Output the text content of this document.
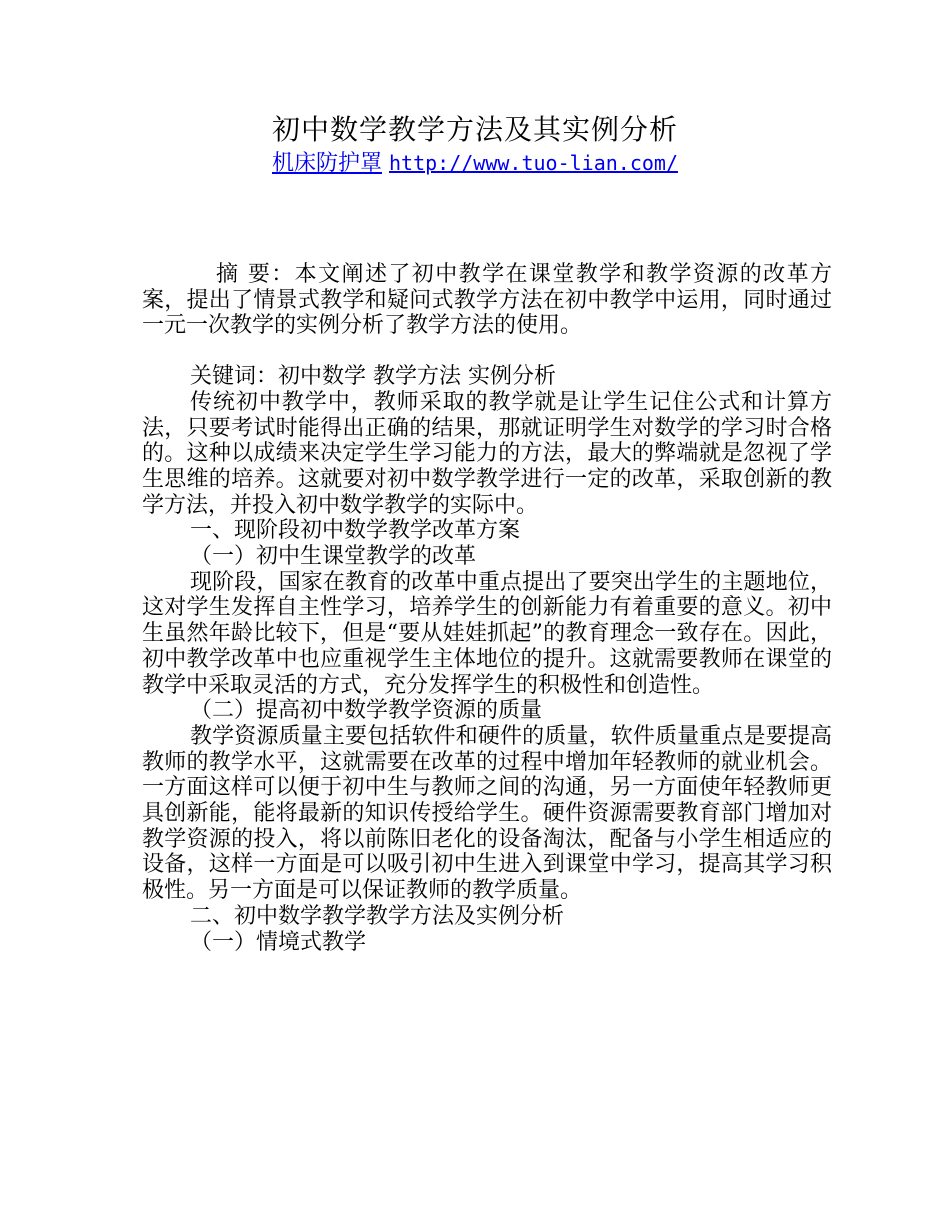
初中数学教学方法及其实例分析
机床防护罩 http://www.tuo-lian.com/

摘 要：本文阐述了初中教学在课堂教学和教学资源的改革方案，提出了情景式教学和疑问式教学方法在初中教学中运用，同时通过一元一次教学的实例分析了教学方法的使用。

关键词：初中数学 教学方法 实例分析

传统初中教学中，教师采取的教学就是让学生记住公式和计算方法，只要考试时能得出正确的结果，那就证明学生对数学的学习时合格的。这种以成绩来决定学生学习能力的方法，最大的弊端就是忽视了学生思维的培养。这就要对初中数学教学进行一定的改革，采取创新的教学方法，并投入初中数学教学的实际中。

一、现阶段初中数学教学改革方案

（一）初中生课堂教学的改革

现阶段，国家在教育的改革中重点提出了要突出学生的主题地位，这对学生发挥自主性学习，培养学生的创新能力有着重要的意义。初中生虽然年龄比较下，但是“要从娃娃抓起”的教育理念一致存在。因此，初中教学改革中也应重视学生主体地位的提升。这就需要教师在课堂的教学中采取灵活的方式，充分发挥学生的积极性和创造性。

（二）提高初中数学教学资源的质量

教学资源质量主要包括软件和硬件的质量，软件质量重点是要提高教师的教学水平，这就需要在改革的过程中增加年轻教师的就业机会。一方面这样可以便于初中生与教师之间的沟通，另一方面使年轻教师更具创新能，能将最新的知识传授给学生。硬件资源需要教育部门增加对教学资源的投入，将以前陈旧老化的设备淘汰，配备与小学生相适应的设备，这样一方面是可以吸引初中生进入到课堂中学习，提高其学习积极性。另一方面是可以保证教师的教学质量。

二、初中数学教学教学方法及实例分析

（一）情境式教学
